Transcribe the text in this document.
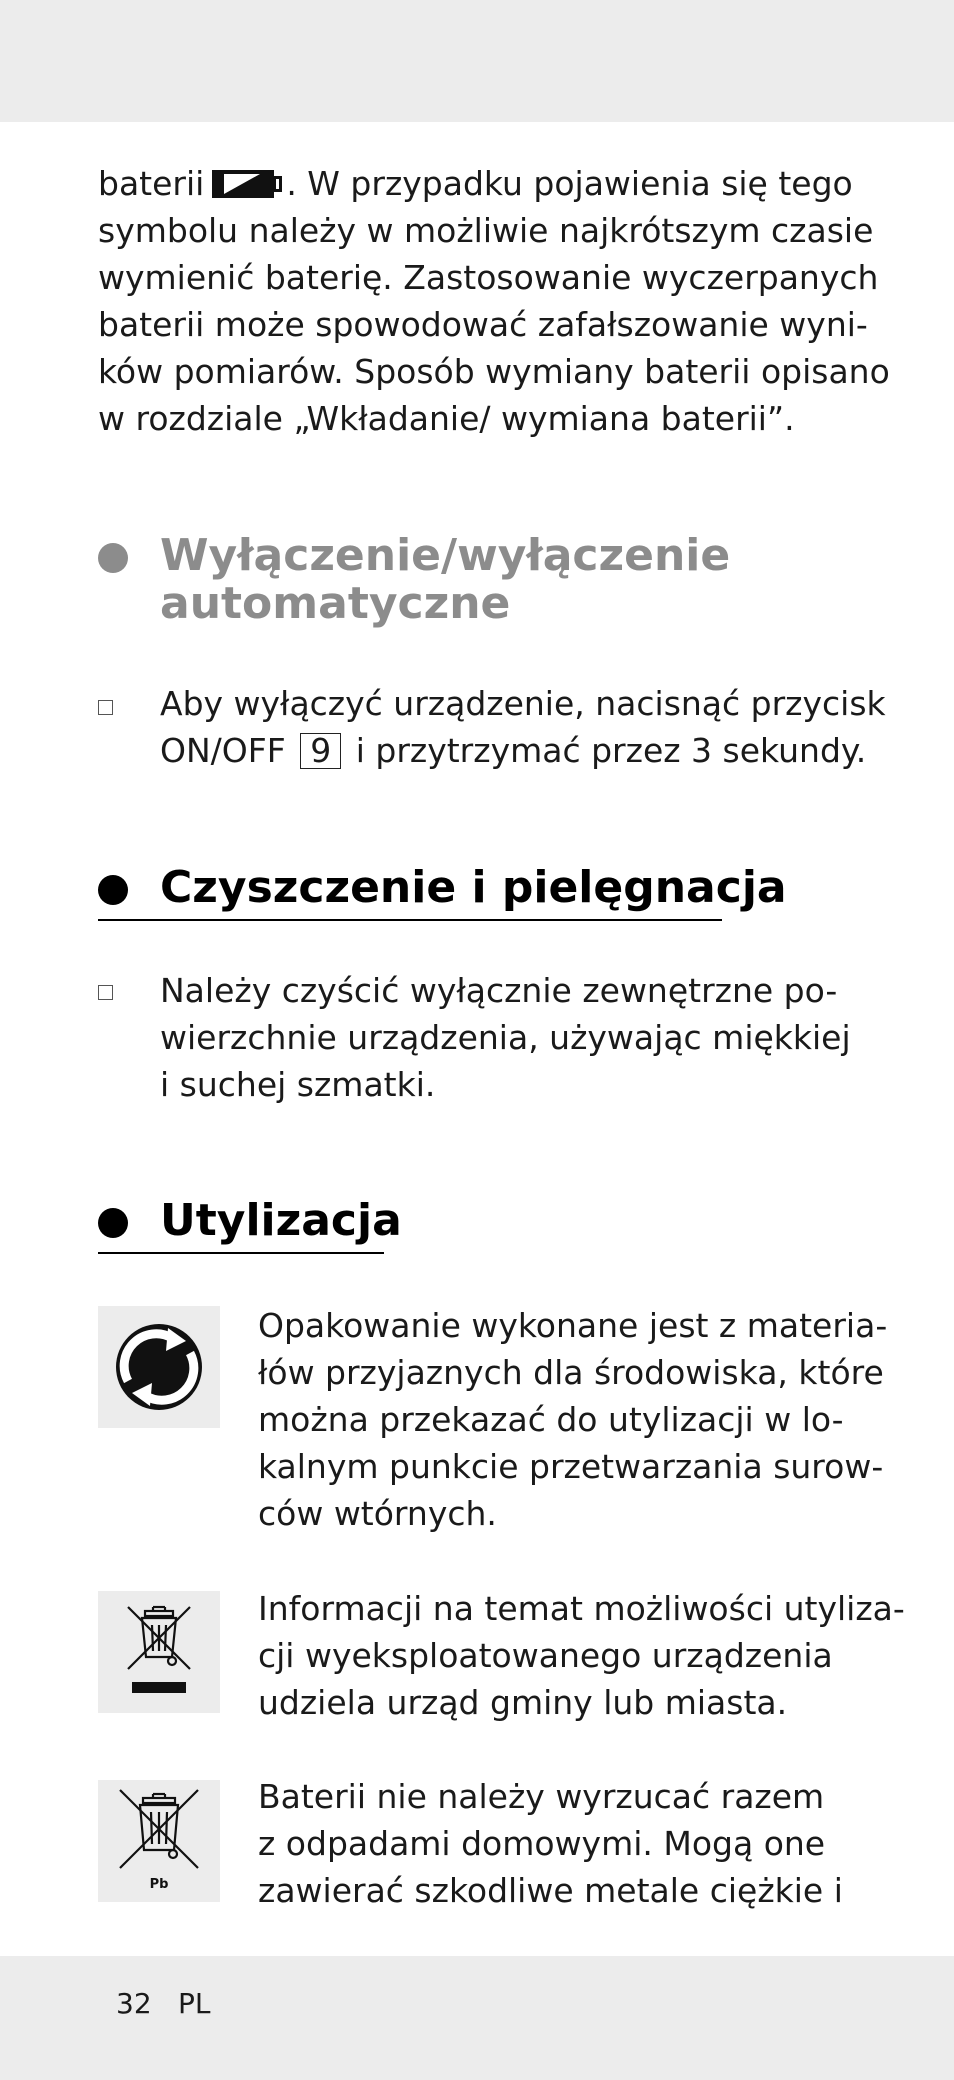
baterii . W przypadku pojawienia się tego
symbolu należy w możliwie najkrótszym czasie
wymienić baterię. Zastosowanie wyczerpanych
baterii może spowodować zafałszowanie wyni-
ków pomiarów. Sposób wymiany baterii opisano
w rozdziale „Wkładanie/ wymiana baterii”.
Wyłączenie/wyłączenie
automatyczne
Aby wyłączyć urządzenie, nacisnąć przycisk
ON/OFF 9 i przytrzymać przez 3 sekundy.
Czyszczenie i pielęgnacja
Należy czyścić wyłącznie zewnętrzne po-
wierzchnie urządzenia, używając miękkiej
i suchej szmatki.
Utylizacja
Opakowanie wykonane jest z materia-
łów przyjaznych dla środowiska, które
można przekazać do utylizacji w lo-
kalnym punkcie przetwarzania surow-
ców wtórnych.
Informacji na temat możliwości utyliza-
cji wyeksploatowanego urządzenia
udziela urząd gminy lub miasta.
Pb
Baterii nie należy wyrzucać razem
z odpadami domowymi. Mogą one
zawierać szkodliwe metale ciężkie i
32 PL
